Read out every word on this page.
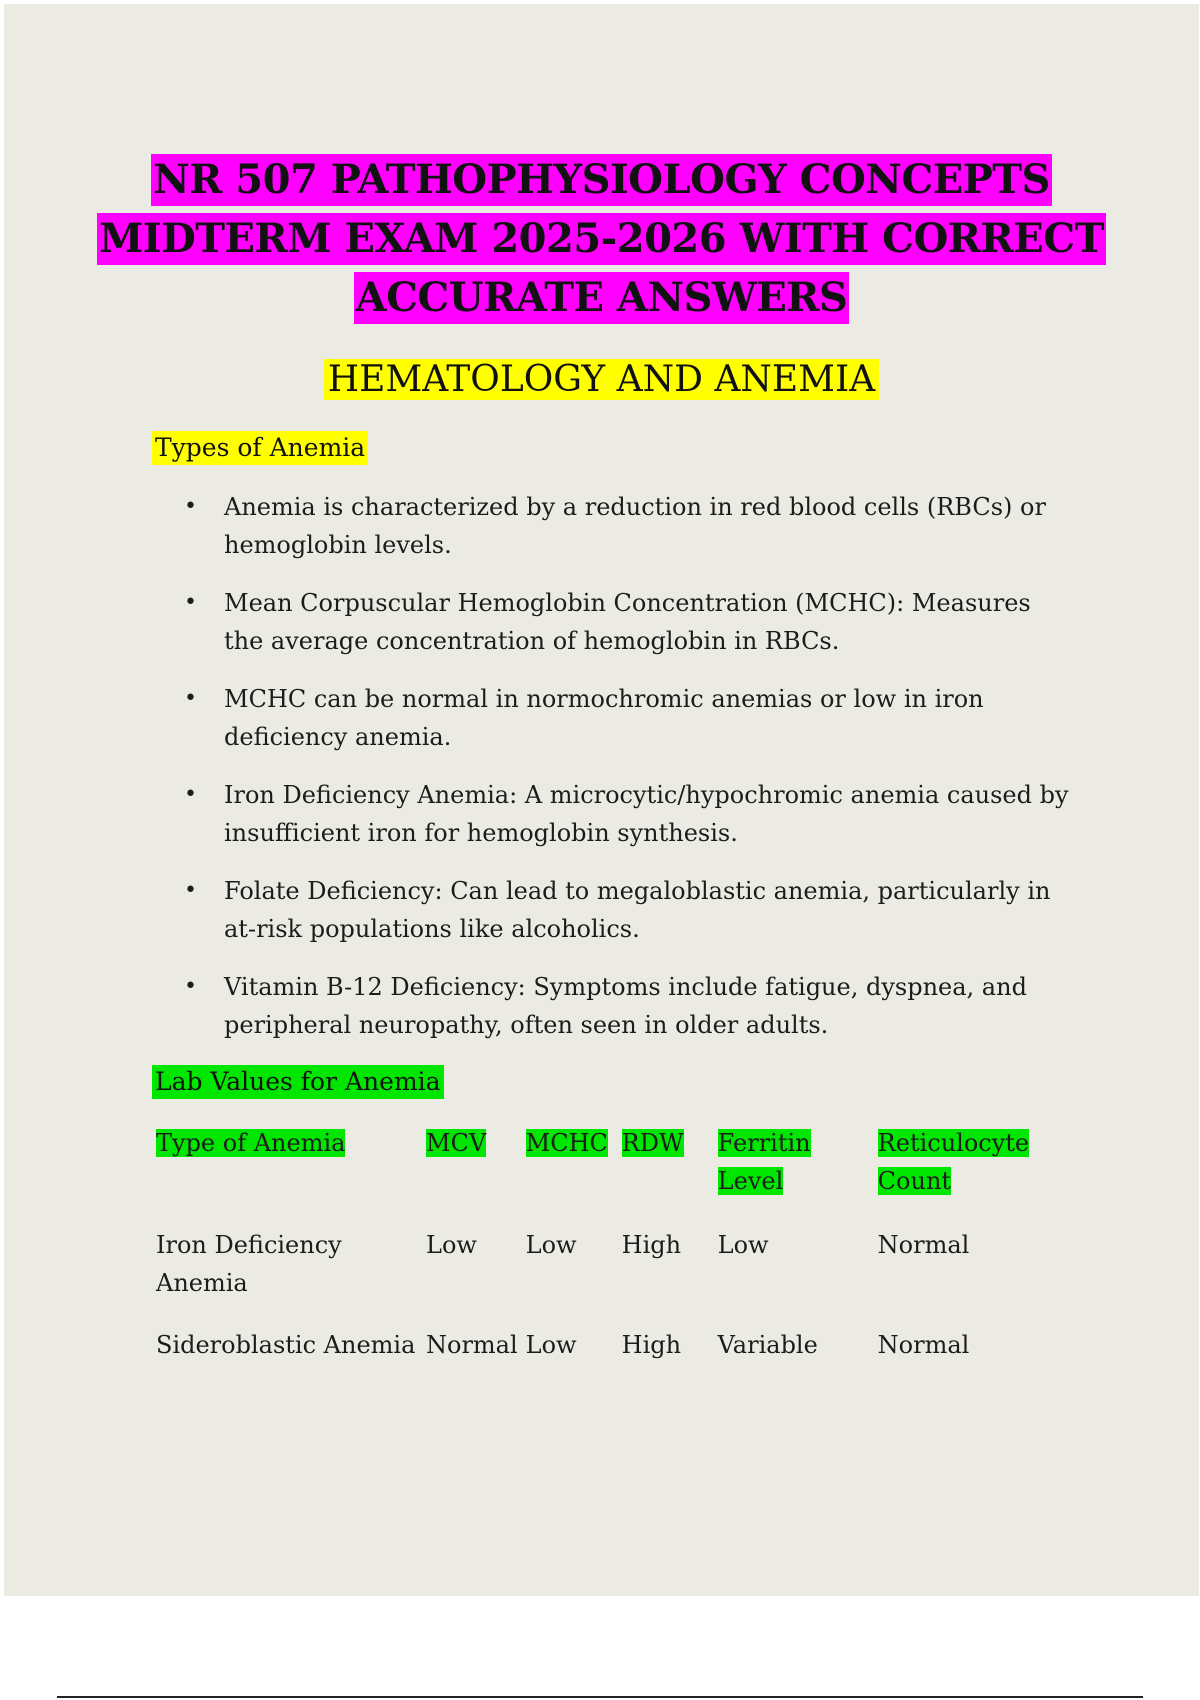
NR 507 PATHOPHYSIOLOGY CONCEPTS
MIDTERM EXAM 2025-2026 WITH CORRECT
ACCURATE ANSWERS
HEMATOLOGY AND ANEMIA
Types of Anemia
• Anemia is characterized by a reduction in red blood cells (RBCs) or hemoglobin levels.
• Mean Corpuscular Hemoglobin Concentration (MCHC): Measures the average concentration of hemoglobin in RBCs.
• MCHC can be normal in normochromic anemias or low in iron deficiency anemia.
• Iron Deficiency Anemia: A microcytic/hypochromic anemia caused by insufficient iron for hemoglobin synthesis.
• Folate Deficiency: Can lead to megaloblastic anemia, particularly in at-risk populations like alcoholics.
• Vitamin B-12 Deficiency: Symptoms include fatigue, dyspnea, and peripheral neuropathy, often seen in older adults.
Lab Values for Anemia
Type of Anemia	MCV	MCHC	RDW	Ferritin Level	Reticulocyte Count
Iron Deficiency Anemia	Low	Low	High	Low	Normal
Sideroblastic Anemia	Normal	Low	High	Variable	Normal
